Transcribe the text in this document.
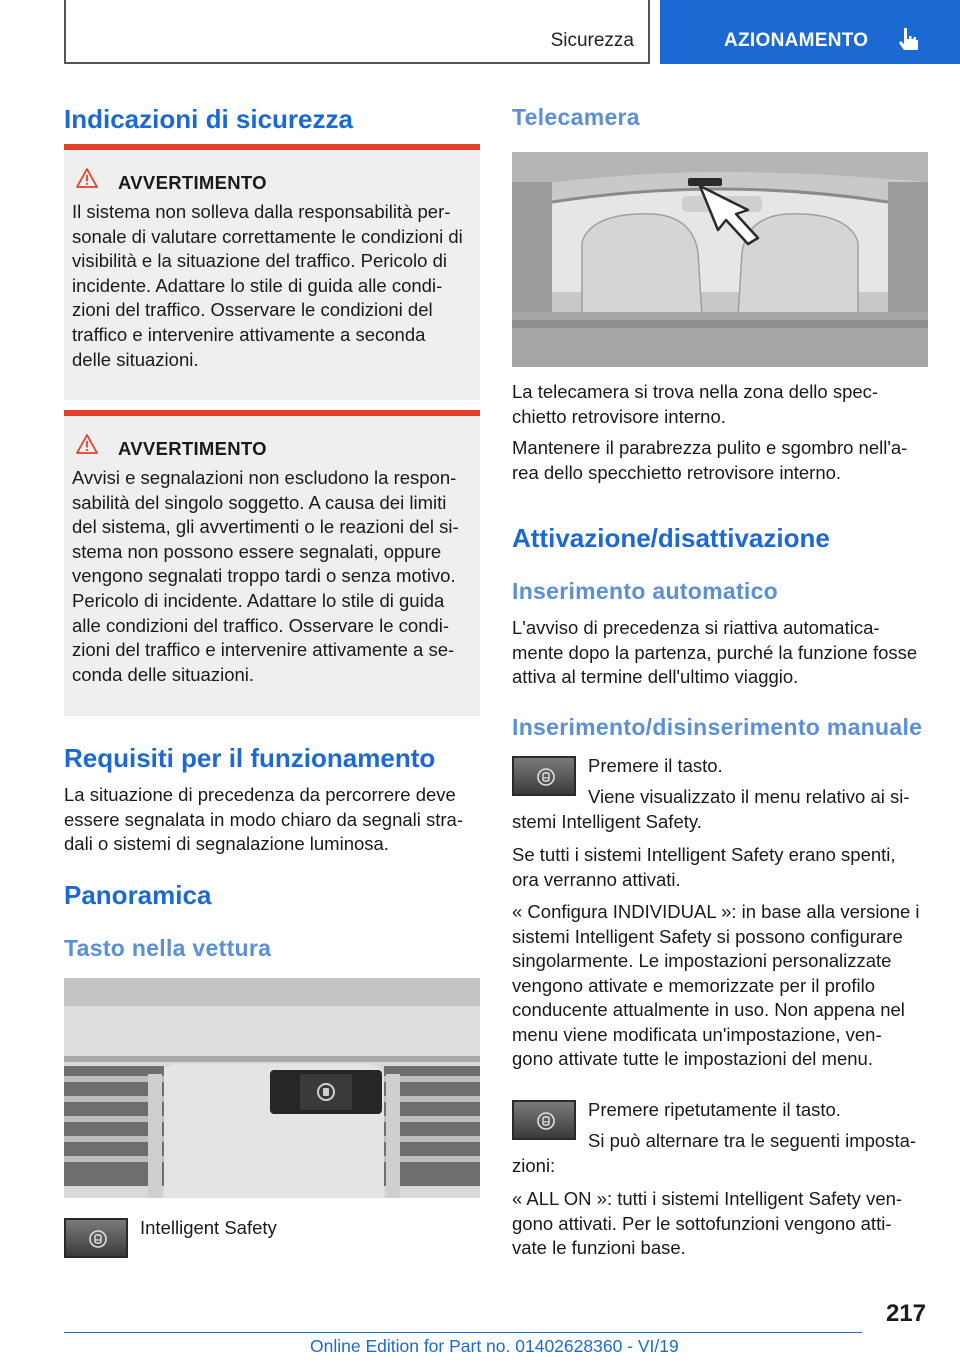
Sicurezza	AZIONAMENTO
Indicazioni di sicurezza
AVVERTIMENTO
Il sistema non solleva dalla responsabilità per-
sonale di valutare correttamente le condizioni di
visibilità e la situazione del traffico. Pericolo di
incidente. Adattare lo stile di guida alle condi-
zioni del traffico. Osservare le condizioni del
traffico e intervenire attivamente a seconda
delle situazioni.
AVVERTIMENTO
Avvisi e segnalazioni non escludono la respon-
sabilità del singolo soggetto. A causa dei limiti
del sistema, gli avvertimenti o le reazioni del si-
stema non possono essere segnalati, oppure
vengono segnalati troppo tardi o senza motivo.
Pericolo di incidente. Adattare lo stile di guida
alle condizioni del traffico. Osservare le condi-
zioni del traffico e intervenire attivamente a se-
conda delle situazioni.
Requisiti per il funzionamento
La situazione di precedenza da percorrere deve
essere segnalata in modo chiaro da segnali stra-
dali o sistemi di segnalazione luminosa.
Panoramica
Tasto nella vettura
Intelligent Safety
Telecamera
La telecamera si trova nella zona dello spec-
chietto retrovisore interno.
Mantenere il parabrezza pulito e sgombro nell'a-
rea dello specchietto retrovisore interno.
Attivazione/disattivazione
Inserimento automatico
L'avviso di precedenza si riattiva automatica-
mente dopo la partenza, purché la funzione fosse
attiva al termine dell'ultimo viaggio.
Inserimento/disinserimento manuale
Premere il tasto.
Viene visualizzato il menu relativo ai si-
stemi Intelligent Safety.
Se tutti i sistemi Intelligent Safety erano spenti,
ora verranno attivati.
« Configura INDIVIDUAL »: in base alla versione i
sistemi Intelligent Safety si possono configurare
singolarmente. Le impostazioni personalizzate
vengono attivate e memorizzate per il profilo
conducente attualmente in uso. Non appena nel
menu viene modificata un'impostazione, ven-
gono attivate tutte le impostazioni del menu.
Premere ripetutamente il tasto.
Si può alternare tra le seguenti imposta-
zioni:
« ALL ON »: tutti i sistemi Intelligent Safety ven-
gono attivati. Per le sottofunzioni vengono atti-
vate le funzioni base.
217
Online Edition for Part no. 01402628360 - VI/19
